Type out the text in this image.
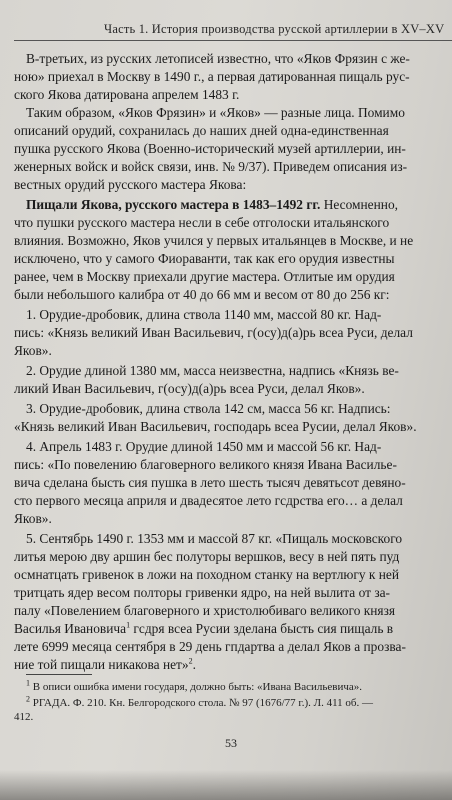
Часть 1. История производства русской артиллерии в XV–XV
В-третьих, из русских летописей известно, что «Яков Фрязин с же-
ною» приехал в Москву в 1490 г., а первая датированная пищаль рус-
ского Якова датирована апрелем 1483 г.
Таким образом, «Яков Фрязин» и «Яков» — разные лица. Помимо
описаний орудий, сохранилась до наших дней одна-единственная
пушка русского Якова (Военно-исторический музей артиллерии, ин-
женерных войск и войск связи, инв. № 9/37). Приведем описания из-
вестных орудий русского мастера Якова:
Пищали Якова, русского мастера в 1483–1492 гг. Несомненно,
что пушки русского мастера несли в себе отголоски итальянского
влияния. Возможно, Яков учился у первых итальянцев в Москве, и не
исключено, что у самого Фиораванти, так как его орудия известны
ранее, чем в Москву приехали другие мастера. Отлитые им орудия
были небольшого калибра от 40 до 66 мм и весом от 80 до 256 кг:
1. Орудие-дробовик, длина ствола 1140 мм, массой 80 кг. Над-
пись: «Князь великий Иван Васильевич, г(осу)д(а)рь всеа Руси, делал
Яков».
2. Орудие длиной 1380 мм, масса неизвестна, надпись «Князь ве-
ликий Иван Васильевич, г(осу)д(а)рь всеа Руси, делал Яков».
3. Орудие-дробовик, длина ствола 142 см, масса 56 кг. Надпись:
«Князь великий Иван Васильевич, господарь всеа Русии, делал Яков».
4. Апрель 1483 г. Орудие длиной 1450 мм и массой 56 кг. Над-
пись: «По повелению благоверного великого князя Ивана Василье-
вича сделана бысть сия пушка в лето шесть тысяч девятьсот девяно-
сто первого месяца априля и двадесятое лето гсдрства его… а делал
Яков».
5. Сентябрь 1490 г. 1353 мм и массой 87 кг. «Пищаль московского
литья мерою дву аршин бес полуторы вершков, весу в ней пять пуд
осмнатцать гривенок в ложи на походном станку на вертлюгу к ней
тритцать ядер весом полторы гривенки ядро, на ней вылита от за-
палу «Повелением благоверного и христолюбиваго великого князя
Василья Ивановича$^1$ гсдря всеа Русии зделана бысть сия пищаль в
лете 6999 месяца сентября в 29 день гпдартва а делал Яков а прозва-
ние той пищали никакова нет»$^2$.
$^1$ В описи ошибка имени государя, должно быть: «Ивана Васильевича».
$^2$ РГАДА. Ф. 210. Кн. Белгородского стола. № 97 (1676/77 г.). Л. 411 об. —
412.
53
